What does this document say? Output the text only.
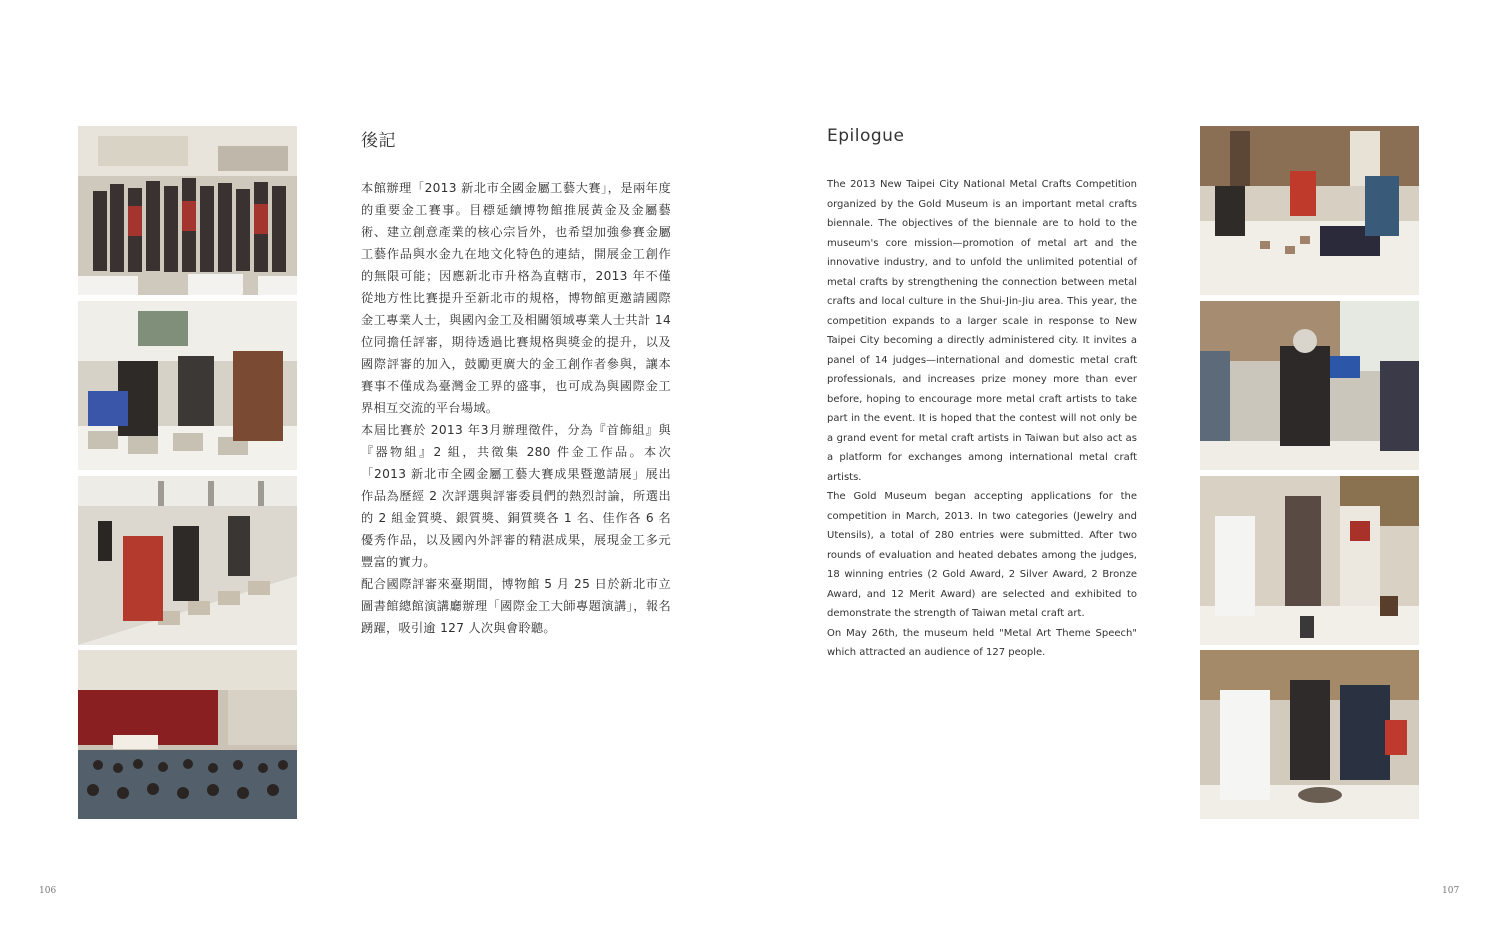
後記

本館辦理「2013 新北市全國金屬工藝大賽」，是兩年度的重要金工賽事。目標延續博物館推展黃金及金屬藝術、建立創意產業的核心宗旨外，也希望加強參賽金屬工藝作品與水金九在地文化特色的連結，開展金工創作的無限可能；因應新北市升格為直轄市，2013 年不僅從地方性比賽提升至新北市的規格，博物館更邀請國際金工專業人士，與國內金工及相關領域專業人士共計 14 位同擔任評審，期待透過比賽規格與獎金的提升，以及國際評審的加入，鼓勵更廣大的金工創作者參與，讓本賽事不僅成為臺灣金工界的盛事，也可成為與國際金工界相互交流的平台場域。

本屆比賽於 2013 年3月辦理徵件，分為『首飾組』與『器物組』2 組，共徵集 280 件金工作品。本次「2013 新北市全國金屬工藝大賽成果暨邀請展」展出作品為歷經 2 次評選與評審委員們的熱烈討論，所選出的 2 組金質獎、銀質獎、銅質獎各 1 名、佳作各 6 名優秀作品，以及國內外評審的精湛成果，展現金工多元豐富的實力。

配合國際評審來臺期間，博物館 5 月 25 日於新北市立圖書館總館演講廳辦理「國際金工大師專題演講」，報名踴躍，吸引逾 127 人次與會聆聽。

Epilogue

The 2013 New Taipei City National Metal Crafts Competition organized by the Gold Museum is an important metal crafts biennale. The objectives of the biennale are to hold to the museum's core mission—promotion of metal art and the innovative industry, and to unfold the unlimited potential of metal crafts by strengthening the connection between metal crafts and local culture in the Shui-Jin-Jiu area. This year, the competition expands to a larger scale in response to New Taipei City becoming a directly administered city. It invites a panel of 14 judges—international and domestic metal craft professionals, and increases prize money more than ever before, hoping to encourage more metal craft artists to take part in the event. It is hoped that the contest will not only be a grand event for metal craft artists in Taiwan but also act as a platform for exchanges among international metal craft artists.

The Gold Museum began accepting applications for the competition in March, 2013. In two categories (Jewelry and Utensils), a total of 280 entries were submitted. After two rounds of evaluation and heated debates among the judges, 18 winning entries (2 Gold Award, 2 Silver Award, 2 Bronze Award, and 12 Merit Award) are selected and exhibited to demonstrate the strength of Taiwan metal craft art.

On May 26th, the museum held "Metal Art Theme Speech" which attracted an audience of 127 people.

106	107
